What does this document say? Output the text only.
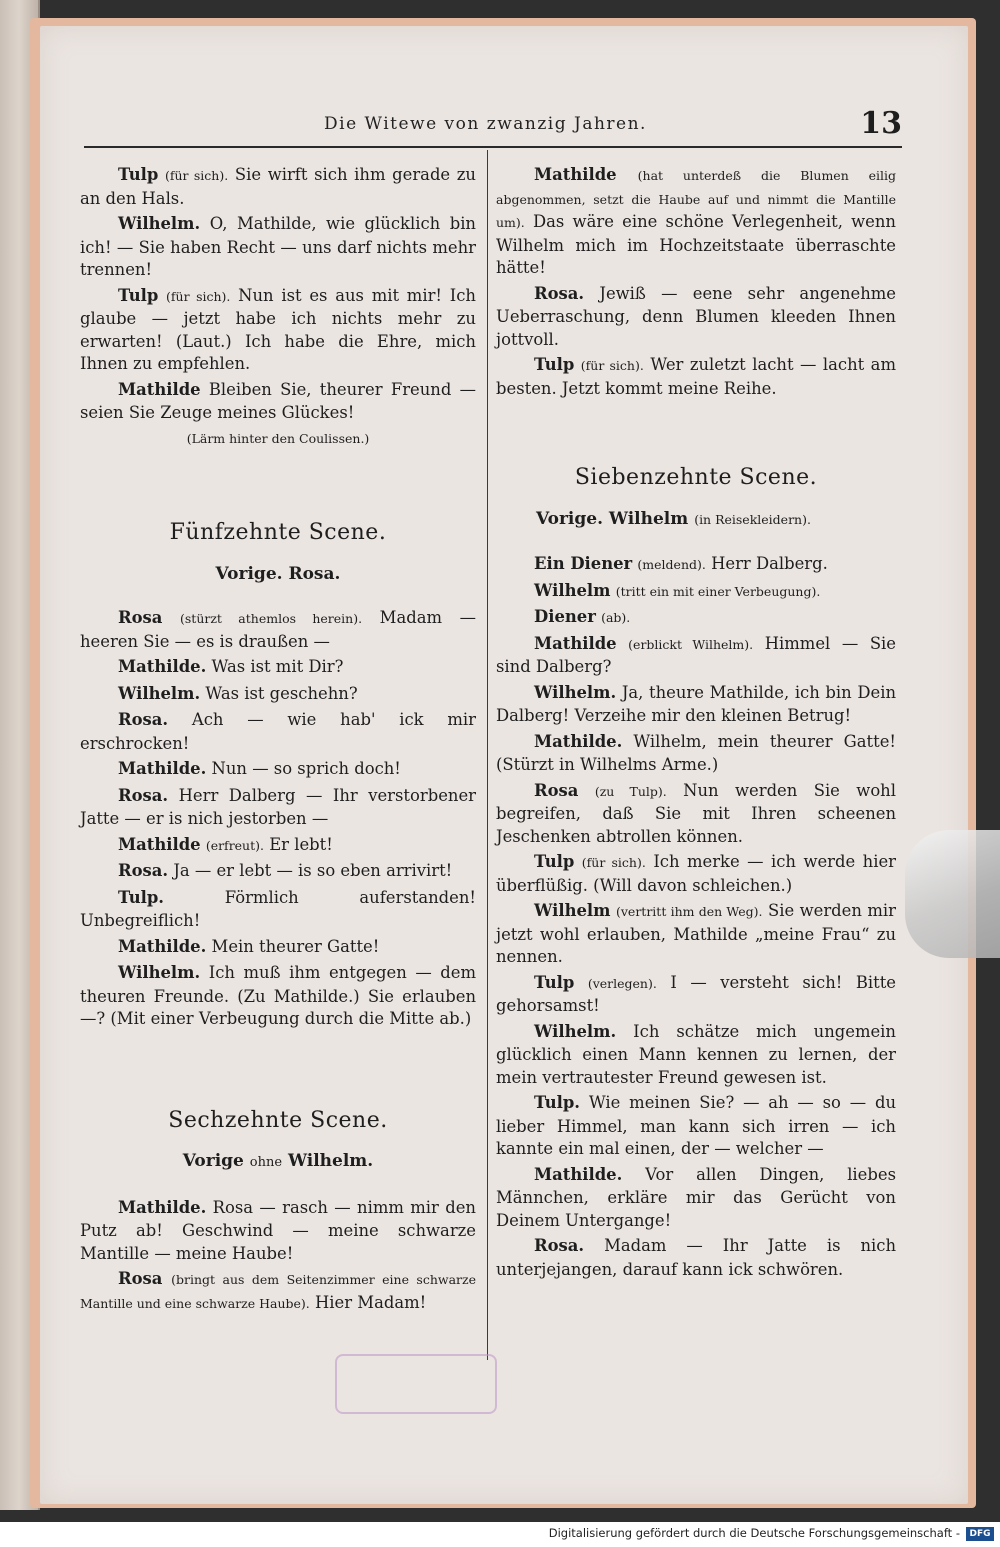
Die Witewe von zwanzig Jahren.	13

Tulp (für sich). Sie wirft sich ihm gerade zu an den Hals.

Wilhelm. O, Mathilde, wie glücklich bin ich! — Sie haben Recht — uns darf nichts mehr trennen!

Tulp (für sich). Nun ist es aus mit mir! Ich glaube — jetzt habe ich nichts mehr zu erwarten! (Laut.) Ich habe die Ehre, mich Ihnen zu empfehlen.

Mathilde Bleiben Sie, theurer Freund — seien Sie Zeuge meines Glückes!

(Lärm hinter den Coulissen.)

Fünfzehnte Scene.
Vorige. Rosa.

Rosa (stürzt athemlos herein). Madam — heeren Sie — es is draußen —

Mathilde. Was ist mit Dir?

Wilhelm. Was ist geschehn?

Rosa. Ach — wie hab' ick mir erschrocken!

Mathilde. Nun — so sprich doch!

Rosa. Herr Dalberg — Ihr verstorbener Jatte — er is nich jestorben —

Mathilde (erfreut). Er lebt!

Rosa. Ja — er lebt — is so eben arrivirt!

Tulp.	Förmlich auferstanden! Unbegreiflich!

Mathilde. Mein theurer Gatte!

Wilhelm. Ich muß ihm entgegen — dem theuren Freunde. (Zu Mathilde.) Sie erlauben —? (Mit einer Verbeugung durch die Mitte ab.)

Sechzehnte Scene.
Vorige ohne Wilhelm.

Mathilde. Rosa — rasch — nimm mir den Putz ab! Geschwind — meine schwarze Mantille — meine Haube!

Rosa (bringt aus dem Seitenzimmer eine schwarze Mantille und eine schwarze Haube). Hier Madam!

Mathilde (hat unterdeß die Blumen eilig abgenommen, setzt die Haube auf und nimmt die Mantille um). Das wäre eine schöne Verlegenheit, wenn Wilhelm mich im Hochzeitstaate überraschte hätte!

Rosa. Jewiß — eene sehr angenehme Ueberraschung, denn Blumen kleeden Ihnen jottvoll.

Tulp (für sich). Wer zuletzt lacht — lacht am besten. Jetzt kommt meine Reihe.

Siebenzehnte Scene.
Vorige. Wilhelm (in Reisekleidern).

Ein Diener (meldend). Herr Dalberg.

Wilhelm (tritt ein mit einer Verbeugung).

Diener (ab).

Mathilde (erblickt Wilhelm). Himmel — Sie sind Dalberg?

Wilhelm. Ja, theure Mathilde, ich bin Dein Dalberg! Verzeihe mir den kleinen Betrug!

Mathilde. Wilhelm, mein theurer Gatte! (Stürzt in Wilhelms Arme.)

Rosa (zu Tulp). Nun werden Sie wohl begreifen, daß Sie mit Ihren scheenen Jeschenken abtrollen können.

Tulp (für sich). Ich merke — ich werde hier überflüßig. (Will davon schleichen.)

Wilhelm (vertritt ihm den Weg). Sie werden mir jetzt wohl erlauben, Mathilde „meine Frau“ zu nennen.

Tulp (verlegen). I — versteht sich! Bitte gehorsamst!

Wilhelm. Ich schätze mich ungemein glücklich einen Mann kennen zu lernen, der mein vertrautester Freund gewesen ist.

Tulp. Wie meinen Sie? — ah — so — du lieber Himmel, man kann sich irren — ich kannte ein mal einen, der — welcher —

Mathilde. Vor allen Dingen, liebes Männchen, erkläre mir das Gerücht von Deinem Untergange!

Rosa. Madam — Ihr Jatte is nich unterjejangen, darauf kann ick schwören.

Digitalisierung gefördert durch die Deutsche Forschungsgemeinschaft -	DFG
